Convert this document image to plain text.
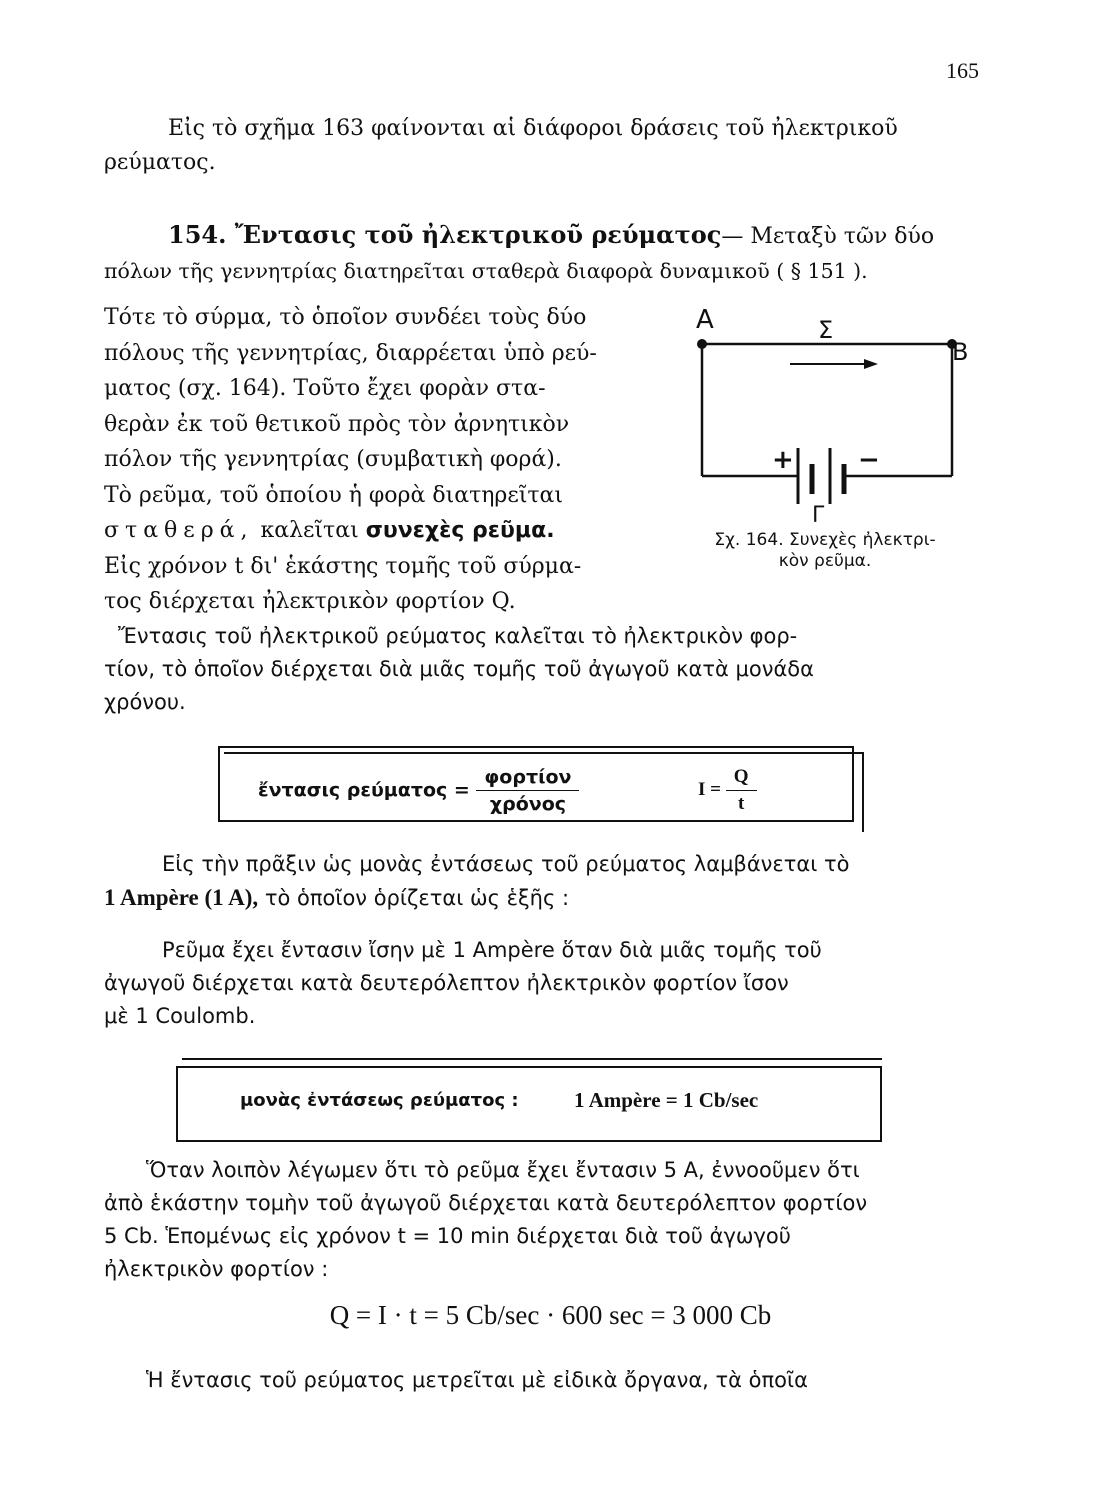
165
Εἰς τὸ σχῆμα 163 φαίνονται αἱ διάφοροι δράσεις τοῦ ἠλεκτρικοῦ
ρεύματος.
154. Ἔντασις τοῦ ἠλεκτρικοῦ ρεύματος— Μεταξὺ τῶν δύο
πόλων τῆς γεννητρίας διατηρεῖται σταθερὰ διαφορὰ δυναμικοῦ ( § 151 ).
Τότε τὸ σύρμα, τὸ ὁποῖον συνδέει τοὺς δύο
πόλους τῆς γεννητρίας, διαρρέεται ὑπὸ ρεύ-
ματος (σχ. 164). Τοῦτο ἔχει φορὰν στα-
θερὰν ἐκ τοῦ θετικοῦ πρὸς τὸν ἀρνητικὸν
πόλον τῆς γεννητρίας (συμβατικὴ φορά).
Τὸ ρεῦμα, τοῦ ὁποίου ἡ φορὰ διατηρεῖται
σταθερά, καλεῖται συνεχὲς ρεῦμα.
Εἰς χρόνον t δι' ἑκάστης τομῆς τοῦ σύρμα-
τος διέρχεται ἠλεκτρικὸν φορτίον Q.
A
B
Σ
+ −
Γ
Σχ. 164. Συνεχὲς ἠλεκτρι-
κὸν ρεῦμα.
Ἔντασις τοῦ ἠλεκτρικοῦ ρεύματος καλεῖται τὸ ἠλεκτρικὸν φορ-
τίον, τὸ ὁποῖον διέρχεται διὰ μιᾶς τομῆς τοῦ ἀγωγοῦ κατὰ μονάδα
χρόνου.
ἔντασις $\rho\varepsilon ύ\mu\alpha\tau o\varsigma = \frac{\text{φορτίον}}{\text{χρόνος}}$	$I = \frac{Q}{t}$
Εἰς τὴν πρᾶξιν ὡς μονὰς ἐντάσεως τοῦ ρεύματος λαμβάνεται τὸ
1 Ampère (1 A), τὸ ὁποῖον ὁρίζεται ὡς ἑξῆς :
Ρεῦμα ἔχει ἔντασιν ἴσην μὲ 1 Ampère ὅταν διὰ μιᾶς τομῆς τοῦ
ἀγωγοῦ διέρχεται κατὰ δευτερόλεπτον ἠλεκτρικὸν φορτίον ἴσον
μὲ 1 Coulomb.
μονὰς ἐντάσεως ρεύματος :	1 Ampère = 1 Cb/sec
Ὅταν λοιπὸν λέγωμεν ὅτι τὸ ρεῦμα ἔχει ἔντασιν 5 A, ἐννοοῦμεν ὅτι
ἀπὸ ἑκάστην τομὴν τοῦ ἀγωγοῦ διέρχεται κατὰ δευτερόλεπτον φορτίον
5 Cb. Ἑπομένως εἰς χρόνον t = 10 min διέρχεται διὰ τοῦ ἀγωγοῦ
ἠλεκτρικὸν φορτίον :
Q = I · t = 5 Cb/sec · 600 sec = 3 000 Cb
Ἡ ἔντασις τοῦ ρεύματος μετρεῖται μὲ εἰδικὰ ὄργανα, τὰ ὁποῖα
